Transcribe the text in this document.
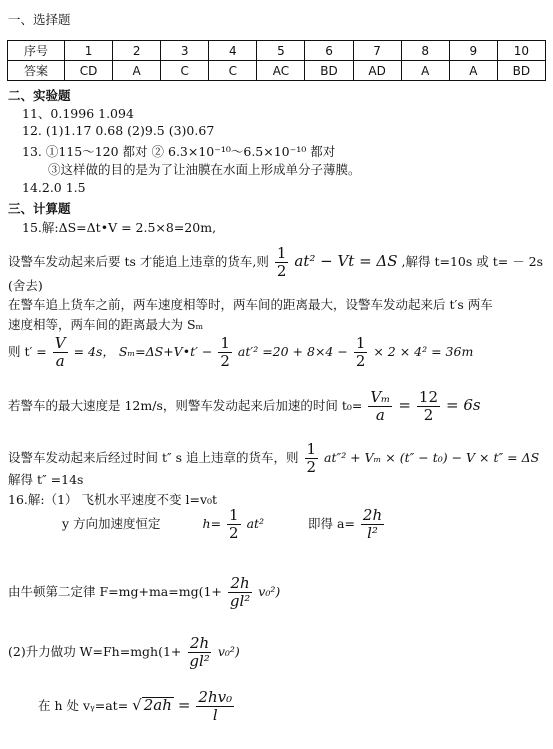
一、选择题
序号	1	2	3	4	5	6	7	8	9	10
答案	CD	A	C	C	AC	BD	AD	A	A	BD
二、实验题
11、0.1996 1.094
12. (1)1.17 0.68 (2)9.5 (3)0.67
13. ①115～120 都对 ② 6.3×10⁻¹⁰～6.5×10⁻¹⁰ 都对
③这样做的目的是为了让油膜在水面上形成单分子薄膜。
14.2.0 1.5
三、计算题
15.解:ΔS=Δt•V = 2.5×8=20m,
设警车发动起来后要 ts 才能追上违章的货车,则 $\frac{1}{2} at^2 - Vt = \Delta S$ ,解得 t=10s 或 t= － 2s
(舍去)
在警车追上货车之前，两车速度相等时，两车间的距离最大，设警车发动起来后 t′s 两车
速度相等，两车间的距离最大为 Sₘ
则 $t' = \frac{V}{a} = 4s$， Sₘ=ΔS+V•t′ − $\frac{1}{2} at'^2 =20 + 8\times 4 - \frac{1}{2} \times 2 \times 4^2 = 36m$
若警车的最大速度是 12m/s，则警车发动起来后加速的时间 $t_0= \frac{\text{Vₘ}}{a} = \frac{12}{2} = 6s$
设警车发动起来后经过时间 t″ s 追上违章的货车，则 $\frac{1}{2} at''^2 + V_m \times (t'' - t_0) - V \times t'' = \Delta S$
解得 t″ =14s
16.解:（1） 飞机水平速度不变 l=v₀t
y 方向加速度恒定	$h= \frac{1}{2} at^2$	即得 $a= \frac{2h}{\text{l²}}$
由牛顿第二定律 $F=mg+ma=mg(1+ \frac{2h}{\text{gl²}} v_0^2)$
(2)升力做功 $W=Fh=mgh(1+ \frac{2h}{\text{gl²}} v_0^2)$
在 h 处 vᵧ=at= √ $2ah = \frac{\text{2hv₀}}{l}$
